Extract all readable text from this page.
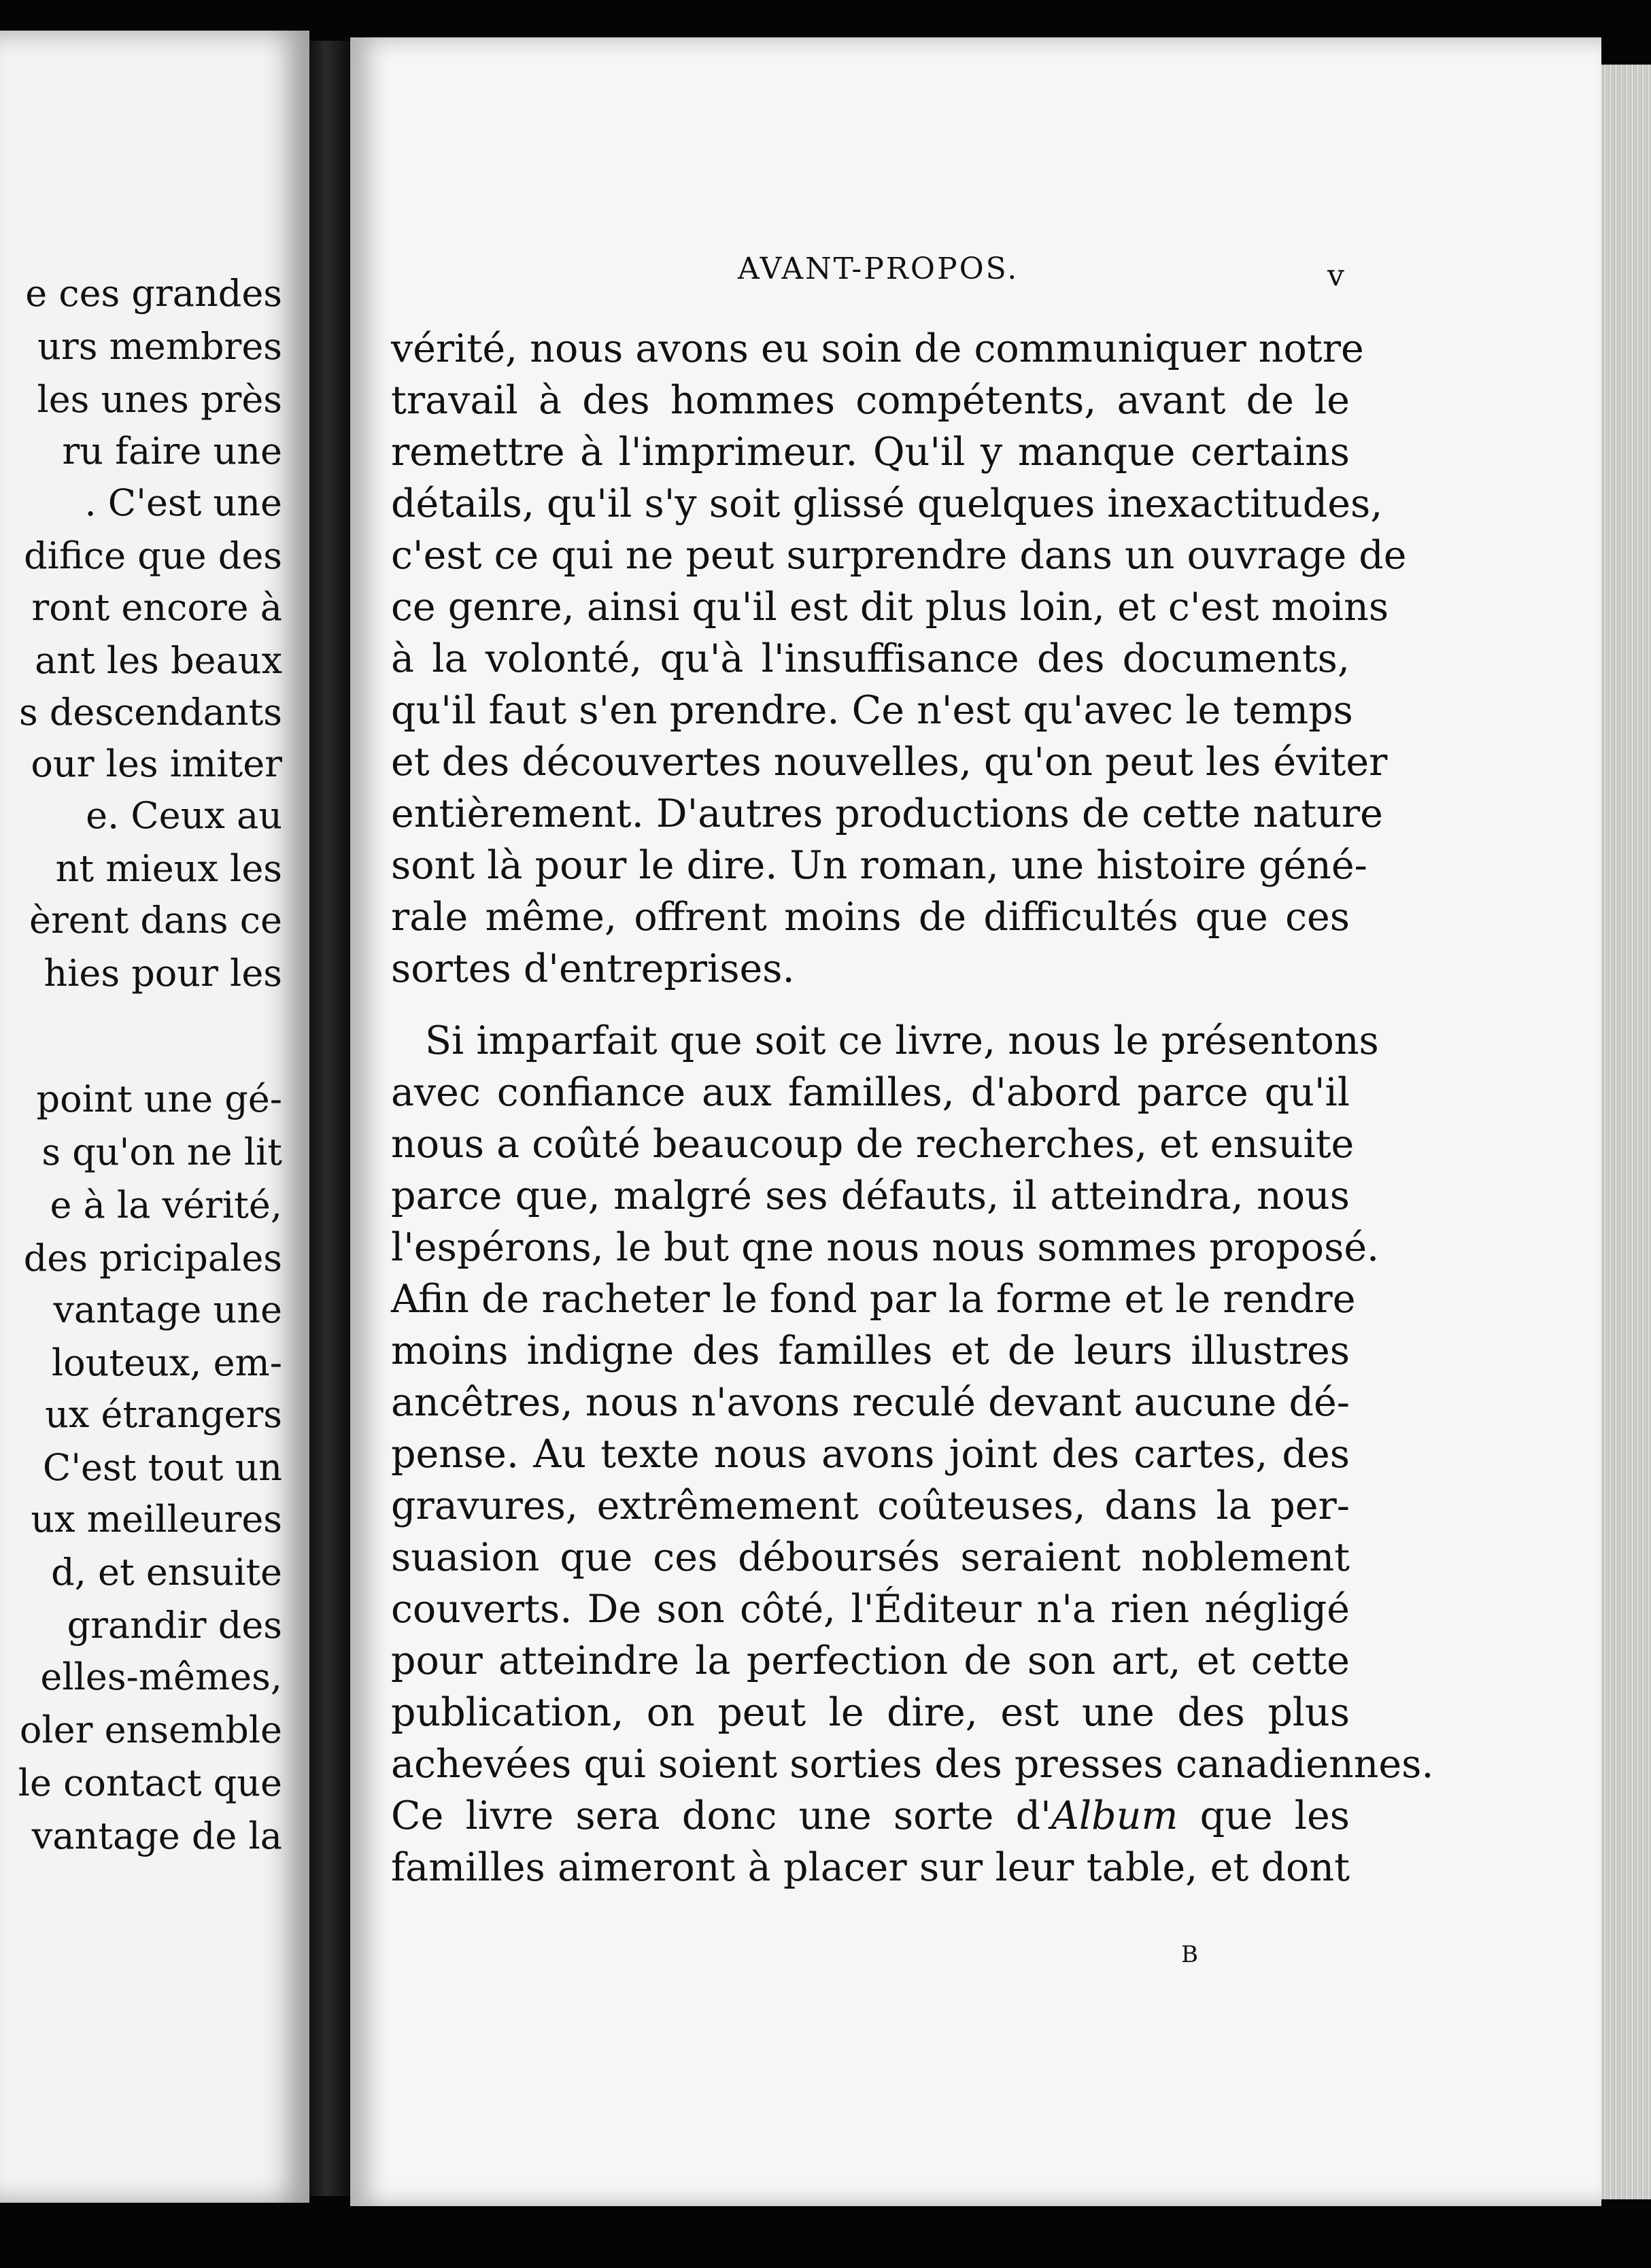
e ces grandes
urs membres
les unes près
ru faire une
. C'est une
difice que des
ront encore à
ant les beaux
s descendants
our les imiter
e. Ceux au
nt mieux les
èrent dans ce
hies pour les
point une gé-
s qu'on ne lit
e à la vérité,
des pricipales
vantage une
louteux, em-
ux étrangers
C'est tout un
ux meilleures
d, et ensuite
grandir des
elles-mêmes,
oler ensemble
le contact que
vantage de la
AVANT-PROPOS.	v
vérité, nous avons eu soin de communiquer notre
travail à des hommes compétents, avant de le
remettre à l'imprimeur. Qu'il y manque certains
détails, qu'il s'y soit glissé quelques inexactitudes,
c'est ce qui ne peut surprendre dans un ouvrage de
ce genre, ainsi qu'il est dit plus loin, et c'est moins
à la volonté, qu'à l'insuffisance des documents,
qu'il faut s'en prendre. Ce n'est qu'avec le temps
et des découvertes nouvelles, qu'on peut les éviter
entièrement. D'autres productions de cette nature
sont là pour le dire. Un roman, une histoire géné-
rale même, offrent moins de difficultés que ces
sortes d'entreprises.
Si imparfait que soit ce livre, nous le présentons
avec confiance aux familles, d'abord parce qu'il
nous a coûté beaucoup de recherches, et ensuite
parce que, malgré ses défauts, il atteindra, nous
l'espérons, le but qne nous nous sommes proposé.
Afin de racheter le fond par la forme et le rendre
moins indigne des familles et de leurs illustres
ancêtres, nous n'avons reculé devant aucune dé-
pense. Au texte nous avons joint des cartes, des
gravures, extrêmement coûteuses, dans la per-
suasion que ces déboursés seraient noblement
couverts. De son côté, l'Éditeur n'a rien négligé
pour atteindre la perfection de son art, et cette
publication, on peut le dire, est une des plus
achevées qui soient sorties des presses canadiennes.
Ce livre sera donc une sorte d'Album que les
familles aimeront à placer sur leur table, et dont
B
